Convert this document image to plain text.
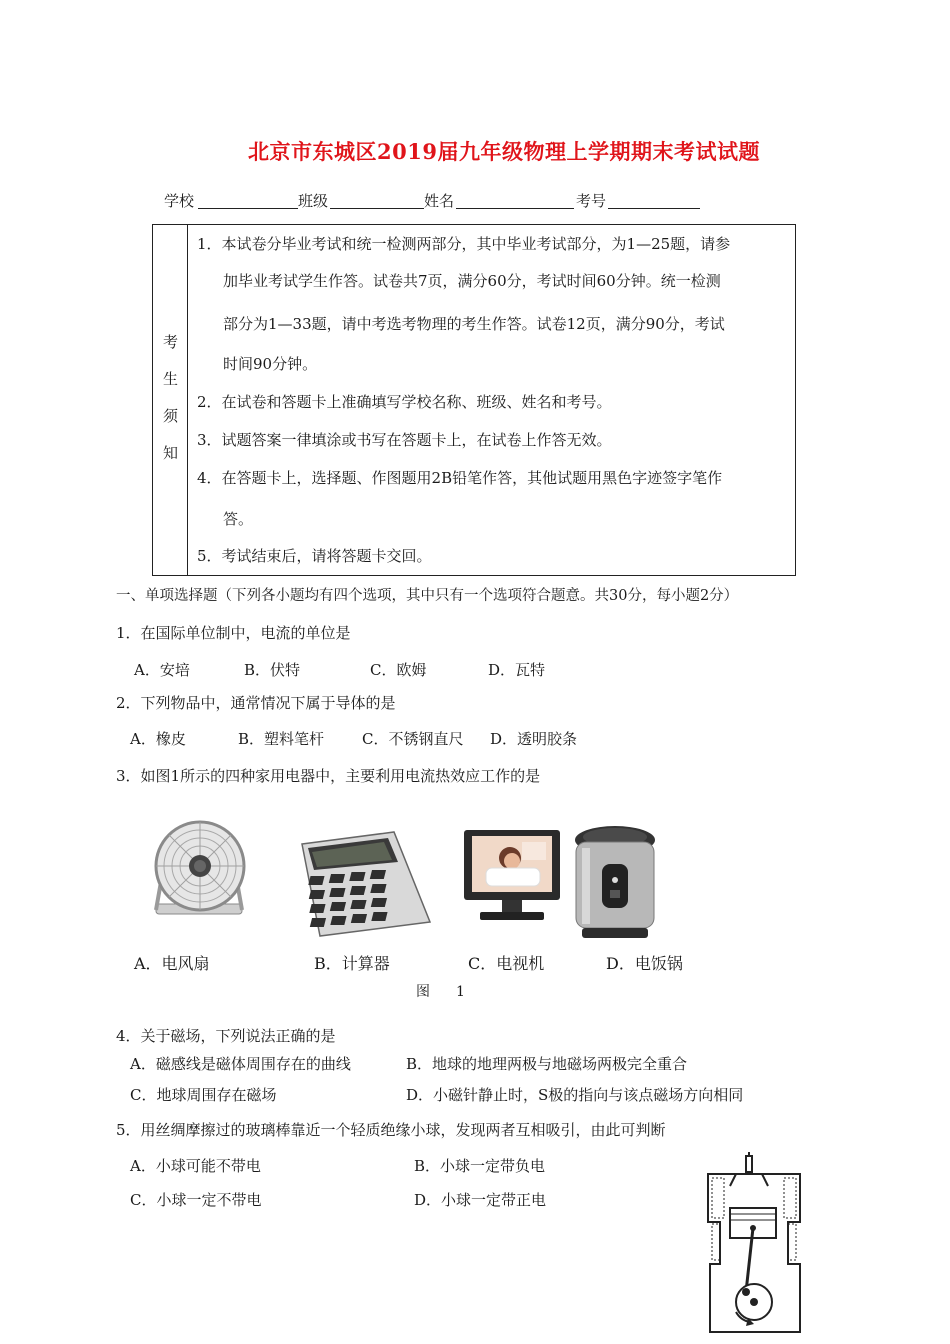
北京市东城区2019届九年级物理上学期期末考试试题
学校	班级	姓名	考号
考
生
须
知
1．本试卷分毕业考试和统一检测两部分，其中毕业考试部分，为1—25题，请参
加毕业考试学生作答。试卷共7页，满分60分，考试时间60分钟。统一检测
部分为1—33题，请中考选考物理的考生作答。试卷12页，满分90分，考试
时间90分钟。
2．在试卷和答题卡上准确填写学校名称、班级、姓名和考号。
3．试题答案一律填涂或书写在答题卡上，在试卷上作答无效。
4．在答题卡上，选择题、作图题用2B铅笔作答，其他试题用黑色字迹签字笔作
答。
5．考试结束后，请将答题卡交回。
一、单项选择题（下列各小题均有四个选项，其中只有一个选项符合题意。共30分，每小题2分）
1．在国际单位制中，电流的单位是
A．安培	B．伏特	C．欧姆	D．瓦特
2．下列物品中，通常情况下属于导体的是
A．橡皮	B．塑料笔杆	C．不锈钢直尺 D．透明胶条
3．如图1所示的四种家用电器中，主要利用电流热效应工作的是
A．电风扇	B．计算器	C．电视机	D．电饭锅
图　1
4．关于磁场，下列说法正确的是
A．磁感线是磁体周围存在的曲线	B．地球的地理两极与地磁场两极完全重合
C．地球周围存在磁场	D．小磁针静止时，S极的指向与该点磁场方向相同
5．用丝绸摩擦过的玻璃棒靠近一个轻质绝缘小球，发现两者互相吸引，由此可判断
A．小球可能不带电	B．小球一定带负电
C．小球一定不带电	D．小球一定带正电
